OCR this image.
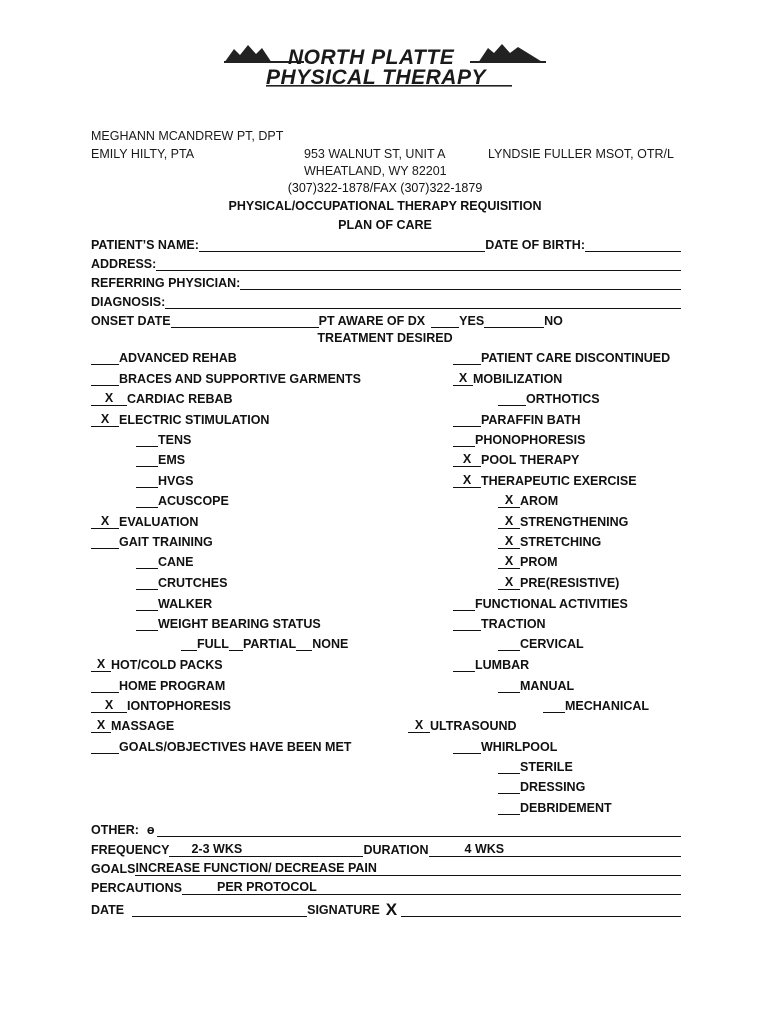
NORTH PLATTE
PHYSICAL THERAPY
MEGHANN MCANDREW PT, DPT
EMILY HILTY, PTA	953 WALNUT ST, UNIT A	LYNDSIE FULLER MSOT, OTR/L
WHEATLAND, WY 82201
(307)322-1878/FAX (307)322-1879
PHYSICAL/OCCUPATIONAL THERAPY REQUISITION
PLAN OF CARE
PATIENT’S NAME:	DATE OF BIRTH:
ADDRESS:
REFERRING PHYSICIAN:
DIAGNOSIS:
ONSET DATE	PT AWARE OF DX	YES	NO
TREATMENT DESIRED
ADVANCED REHAB
BRACES AND SUPPORTIVE GARMENTS
X	CARDIAC REBAB
X ELECTRIC STIMULATION
TENS
EMS
HVGS
ACUSCOPE
X EVALUATION
GAIT TRAINING
CANE
CRUTCHES
WALKER
WEIGHT BEARING STATUS
X HOT/COLD PACKS
HOME PROGRAM
X	IONTOPHORESIS
X MASSAGE
GOALS/OBJECTIVES HAVE BEEN MET
FULL PARTIAL NONE
PATIENT CARE DISCONTINUED
X MOBILIZATION
ORTHOTICS
PARAFFIN BATH
PHONOPHORESIS
X POOL THERAPY
X THERAPEUTIC EXERCISE
X AROM
X STRENGTHENING
X STRETCHING
X PROM
X PRE(RESISTIVE)
FUNCTIONAL ACTIVITIES
TRACTION
CERVICAL
LUMBAR
MANUAL
MECHANICAL
X ULTRASOUND
WHIRLPOOL
STERILE
DRESSING
DEBRIDEMENT
OTHER: ɵ
FREQUENCY 2-3 WKS	DURATION	4 WKS
GOALS INCREASE FUNCTION/ DECREASE PAIN
PERCAUTIONS	PER PROTOCOL
DATE	SIGNATURE X
